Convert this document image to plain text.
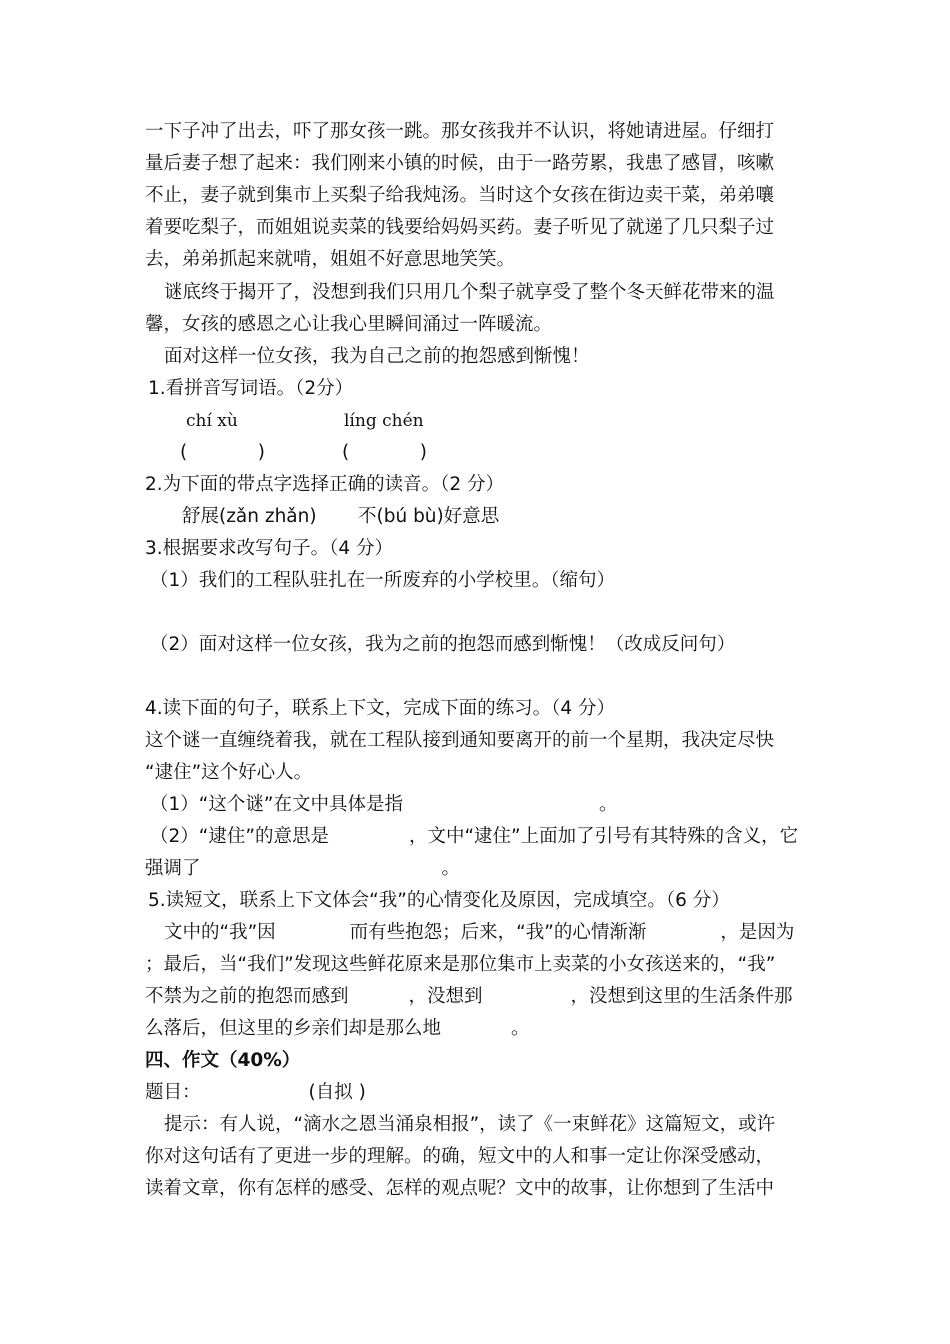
一下子冲了出去，吓了那女孩一跳。那女孩我并不认识，将她请进屋。仔细打
量后妻子想了起来：我们刚来小镇的时候，由于一路劳累，我患了感冒，咳嗽
不止，妻子就到集市上买梨子给我炖汤。当时这个女孩在街边卖干菜，弟弟嚷
着要吃梨子，而姐姐说卖菜的钱要给妈妈买药。妻子听见了就递了几只梨子过
去，弟弟抓起来就啃，姐姐不好意思地笑笑。
谜底终于揭开了，没想到我们只用几个梨子就享受了整个冬天鲜花带来的温
馨，女孩的感恩之心让我心里瞬间涌过一阵暖流。
面对这样一位女孩，我为自己之前的抱怨感到惭愧！
1.看拼音写词语。（2分）
chí xù	líng chén
(            )	(            )
2.为下面的带点字选择正确的读音。（2 分）
舒展(zǎn zhǎn) 不(bú bù)好意思
3.根据要求改写句子。（4 分）
（1）我们的工程队驻扎在一所废弃的小学校里。（缩句）
（2）面对这样一位女孩，我为之前的抱怨而感到惭愧！（改成反问句）
4.读下面的句子，联系上下文，完成下面的练习。（4 分）
这个谜一直缠绕着我，就在工程队接到通知要离开的前一个星期，我决定尽快
“逮住”这个好心人。
（1）“这个谜”在文中具体是指	。
（2）“逮住”的意思是	，文中“逮住”上面加了引号有其特殊的含义，它
强调了	。
5.读短文，联系上下文体会“我”的心情变化及原因，完成填空。（6 分）
文中的“我”因	而有些抱怨；后来，“我”的心情渐渐	，是因为
；最后，当“我们”发现这些鲜花原来是那位集市上卖菜的小女孩送来的，“我”
不禁为之前的抱怨而感到	，没想到	，没想到这里的生活条件那
么落后，但这里的乡亲们却是那么地	。
四、作文（40%）
题目：	(自拟 )
提示：有人说，“滴水之恩当涌泉相报”，读了《一束鲜花》这篇短文，或许
你对这句话有了更进一步的理解。的确，短文中的人和事一定让你深受感动，
读着文章，你有怎样的感受、怎样的观点呢？文中的故事，让你想到了生活中
